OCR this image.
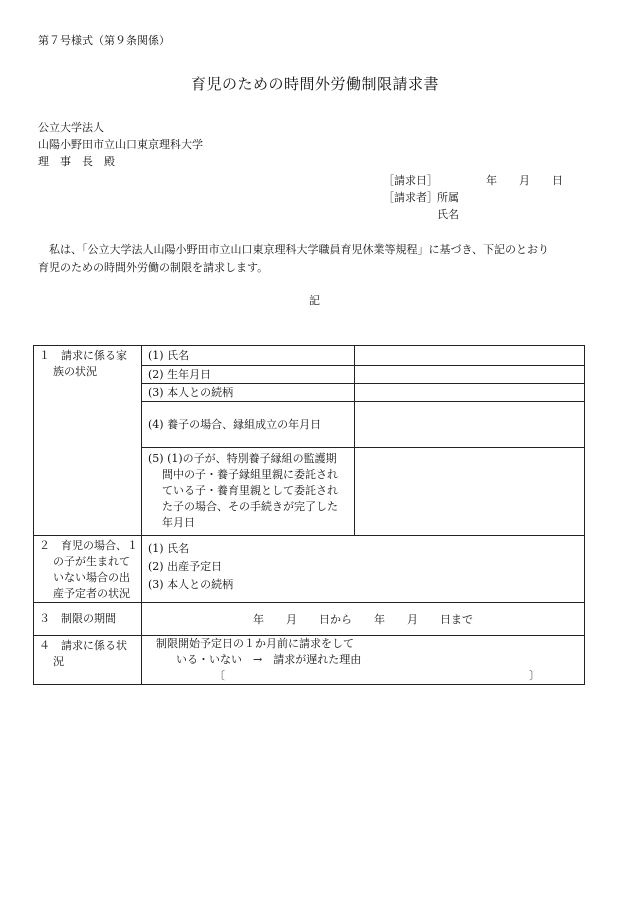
第７号様式（第９条関係）
育児のための時間外労働制限請求書
公立大学法人
山陽小野田市立山口東京理科大学
理　事　長　殿
［請求日］	年　　月　　日
［請求者］ 所属
氏名
　私は、「公立大学法人山陽小野田市立山口東京理科大学職員育児休業等規程」に基づき、下記のとおり
育児のための時間外労働の制限を請求します。
記
１　請求に係る家
族の状況	(1) 氏名	
	(2) 生年月日	
	(3) 本人との続柄	
	(4) 養子の場合、縁組成立の年月日	

	(5) (1)の子が、特別養子縁組の監護期
間中の子・養子縁組里親に委託され
ている子・養育里親として委託され
た子の場合、その手続きが完了した
年月日	

２　育児の場合、１
の子が生まれて
いない場合の出
産予定者の状況	(1) 氏名
(2) 出産予定日
(3) 本人との続柄	

３　制限の期間	年　　月　　日から　　年　　月　　日まで	

４　請求に係る状
況	制限開始予定日の１か月前に請求をして
いる・いない　→　請求が遅れた理由
〔 〕	
